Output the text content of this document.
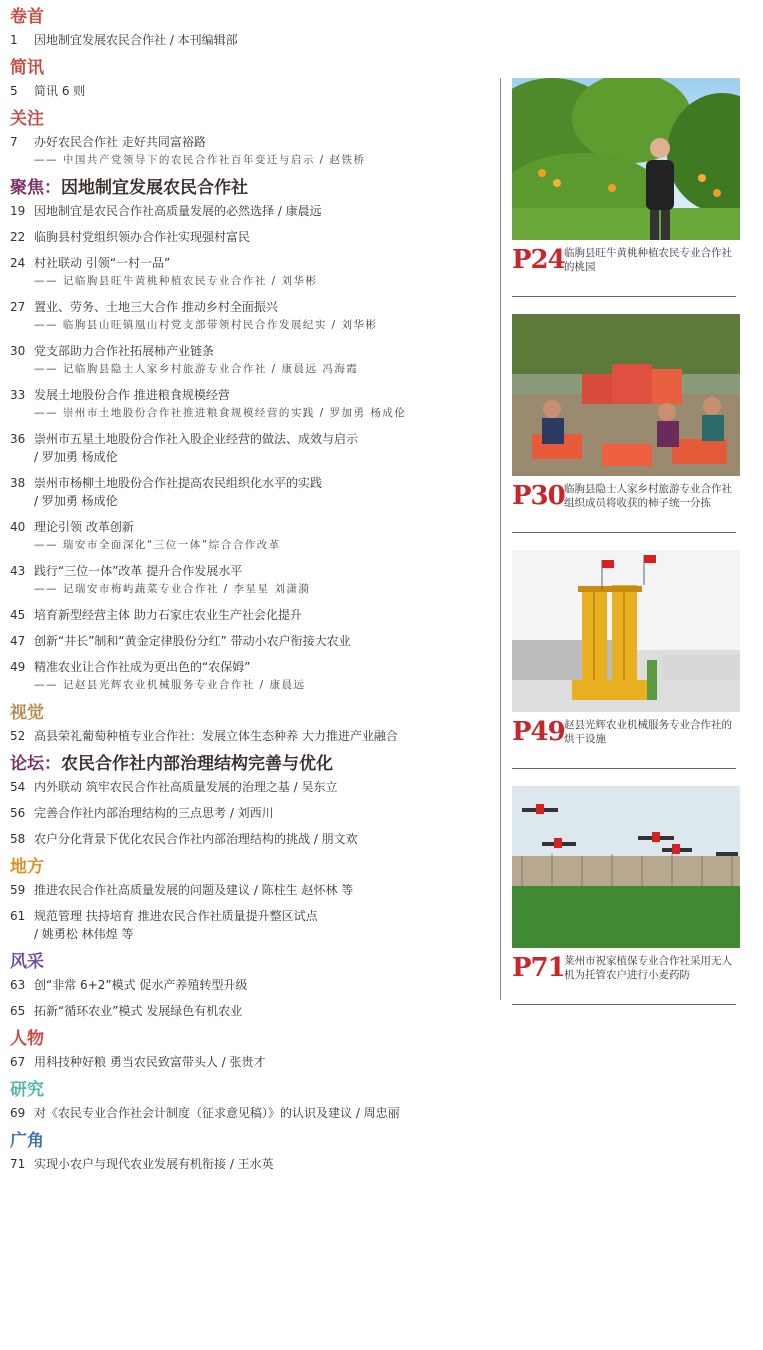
卷首
1 因地制宜发展农民合作社 / 本刊编辑部
简讯
5 简讯 6 则
关注
7 办好农民合作社 走好共同富裕路
—— 中国共产党领导下的农民合作社百年变迁与启示 / 赵铁桥
聚焦：因地制宜发展农民合作社
19 因地制宜是农民合作社高质量发展的必然选择 / 康晨远
22 临朐县村党组织领办合作社实现强村富民
24 村社联动 引领“一村一品”
—— 记临朐县旺牛黄桃种植农民专业合作社 / 刘华彬
27 置业、劳务、土地三大合作 推动乡村全面振兴
—— 临朐县山旺镇凰山村党支部带领村民合作发展纪实 / 刘华彬
30 党支部助力合作社拓展柿产业链条
—— 记临朐县隐士人家乡村旅游专业合作社 / 康晨远 冯海霞
33 发展土地股份合作 推进粮食规模经营
—— 崇州市土地股份合作社推进粮食规模经营的实践 / 罗加勇 杨成伦
36 崇州市五星土地股份合作社入股企业经营的做法、成效与启示
/ 罗加勇 杨成伦
38 崇州市杨柳土地股份合作社提高农民组织化水平的实践
/ 罗加勇 杨成伦
40 理论引领 改革创新
—— 瑞安市全面深化“三位一体”综合合作改革
43 践行“三位一体”改革 提升合作发展水平
—— 记瑞安市梅屿蔬菜专业合作社 / 李星星 刘潇漪
45 培育新型经营主体 助力石家庄农业生产社会化提升
47 创新“井长”制和“黄金定律股份分红” 带动小农户衔接大农业
49 精准农业让合作社成为更出色的“农保姆”
—— 记赵县光辉农业机械服务专业合作社 / 康晨远
视觉
52 高县荣礼葡萄种植专业合作社：发展立体生态种养 大力推进产业融合
论坛：农民合作社内部治理结构完善与优化
54 内外联动 筑牢农民合作社高质量发展的治理之基 / 吴东立
56 完善合作社内部治理结构的三点思考 / 刘西川
58 农户分化背景下优化农民合作社内部治理结构的挑战 / 朋文欢
地方
59 推进农民合作社高质量发展的问题及建议 / 陈柱生 赵怀林 等
61 规范管理 扶持培育 推进农民合作社质量提升整区试点
/ 姚勇松 林伟煌 等
风采
63 创“非常 6+2”模式 促水产养殖转型升级
65 拓新“循环农业”模式 发展绿色有机农业
人物
67 用科技种好粮 勇当农民致富带头人 / 张贵才
研究
69 对《农民专业合作社会计制度（征求意见稿）》的认识及建议 / 周忠丽
广角
71 实现小农户与现代农业发展有机衔接 / 王水英
P24 临朐县旺牛黄桃种植农民专业合作社的桃园
P30 临朐县隐士人家乡村旅游专业合作社组织成员将收获的柿子统一分拣
P49 赵县光辉农业机械服务专业合作社的烘干设施
P71 莱州市祝家植保专业合作社采用无人机为托管农户进行小麦药防
